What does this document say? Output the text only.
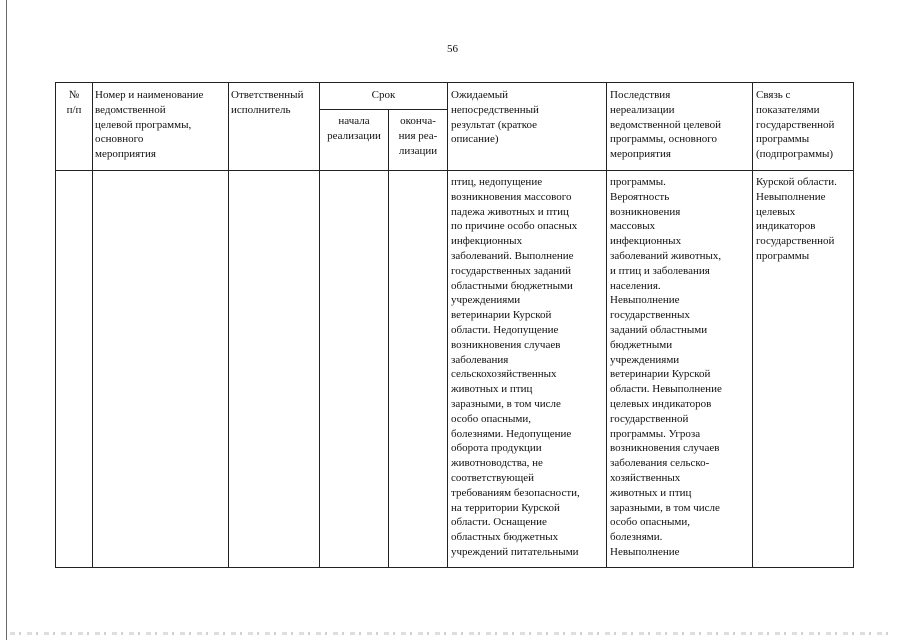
56
№
п/п
Номер и наименование
ведомственной
целевой программы,
основного
мероприятия
Ответственный
исполнитель
Срок
начала
реализации
оконча-
ния реа-
лизации
Ожидаемый
непосредственный
результат (краткое
описание)
Последствия
нереализации
ведомственной целевой
программы, основного
мероприятия
Связь с
показателями
государственной
программы
(подпрограммы)
птиц, недопущение
возникновения массового
падежа животных и птиц
по причине особо опасных
инфекционных
заболеваний. Выполнение
государственных заданий
областными бюджетными
учреждениями
ветеринарии Курской
области. Недопущение
возникновения случаев
заболевания
сельскохозяйственных
животных и птиц
заразными, в том числе
особо опасными,
болезнями. Недопущение
оборота продукции
животноводства, не
соответствующей
требованиям безопасности,
на территории Курской
области. Оснащение
областных бюджетных
учреждений питательными
программы.
Вероятность
возникновения
массовых
инфекционных
заболеваний животных,
и птиц и заболевания
населения.
Невыполнение
государственных
заданий областными
бюджетными
учреждениями
ветеринарии Курской
области. Невыполнение
целевых индикаторов
государственной
программы. Угроза
возникновения случаев
заболевания сельско-
хозяйственных
животных и птиц
заразными, в том числе
особо опасными,
болезнями.
Невыполнение
Курской области.
Невыполнение
целевых
индикаторов
государственной
программы
